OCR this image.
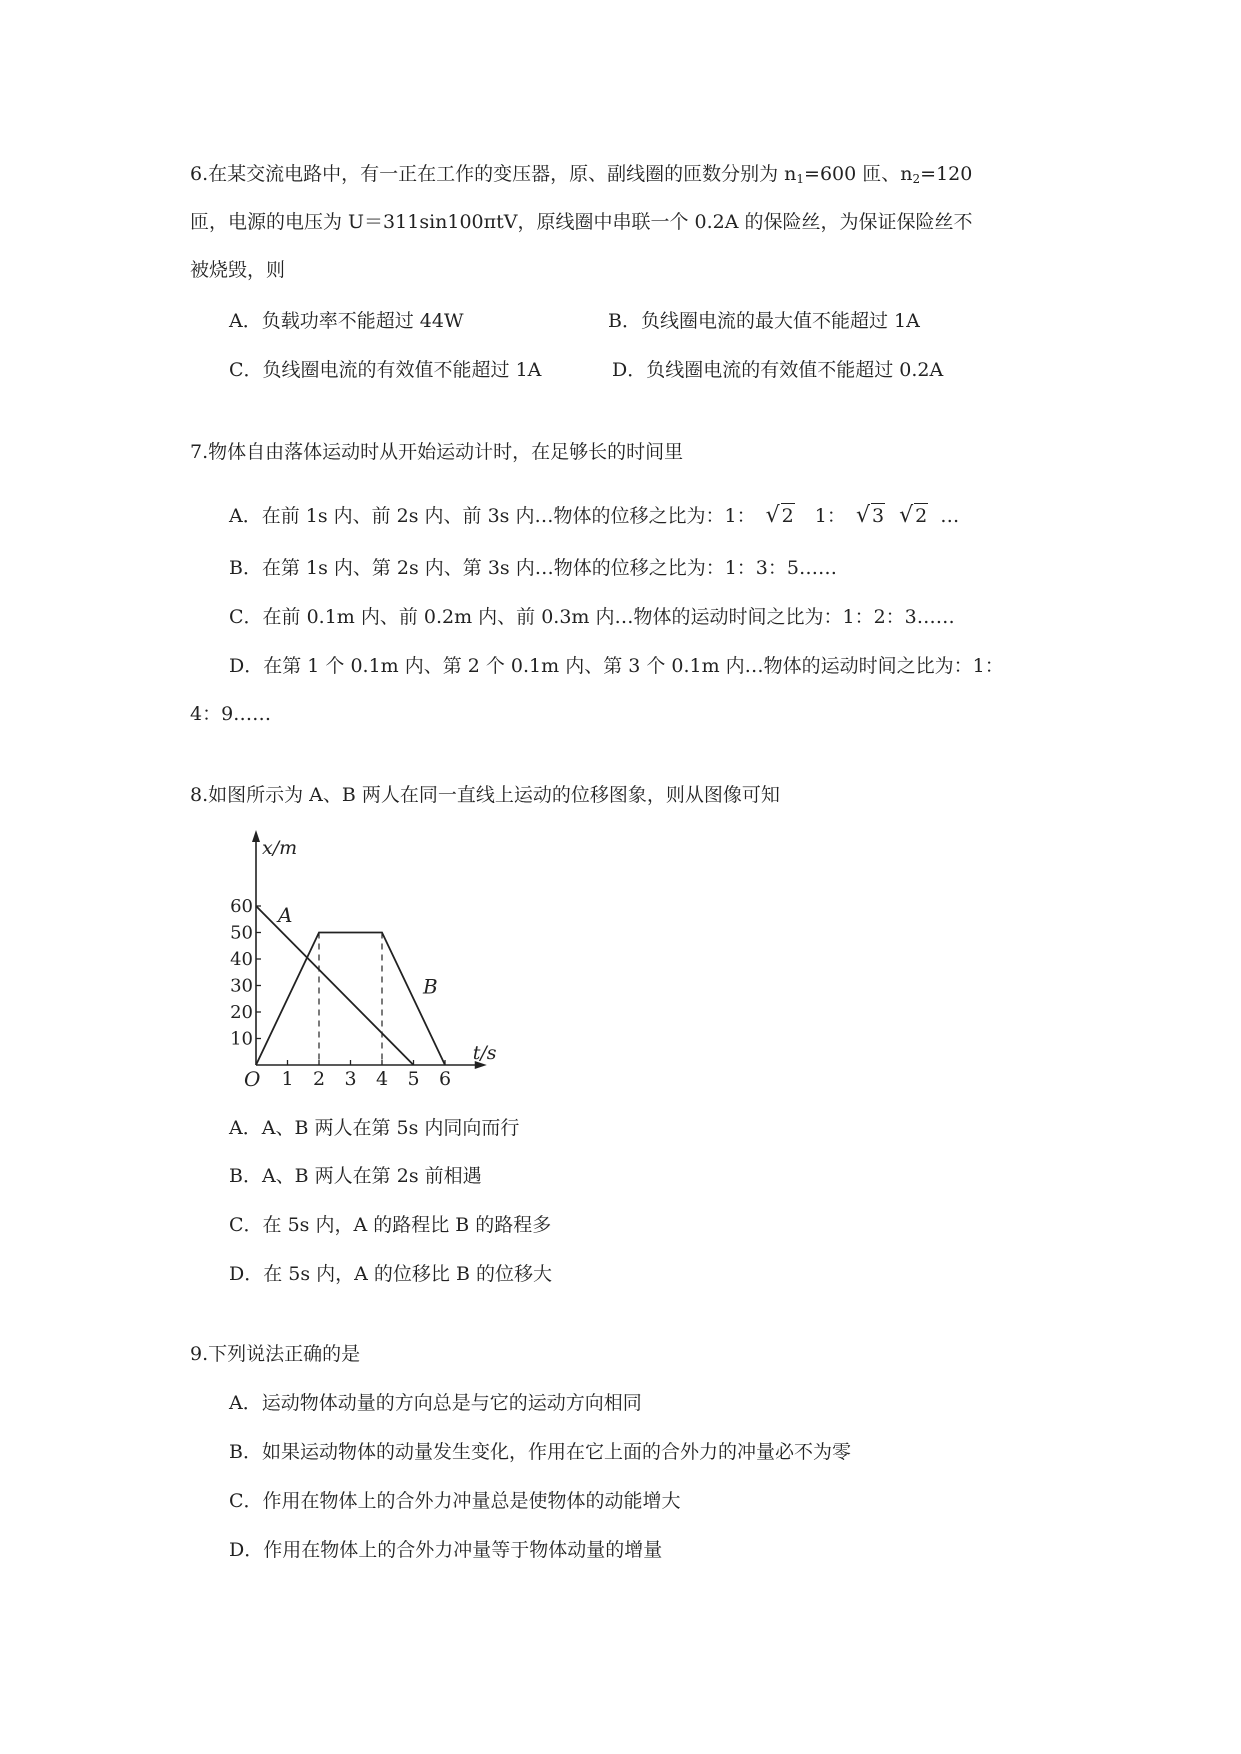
6.在某交流电路中，有一正在工作的变压器，原、副线圈的匝数分别为 $n_1=600$ 匝、$n_2=120$
匝，电源的电压为 U＝311sin100πtV，原线圈中串联一个 0.2A 的保险丝，为保证保险丝不
被烧毁，则
A．负载功率不能超过 44W	B．负线圈电流的最大值不能超过 1A
C．负线圈电流的有效值不能超过 1A	D．负线圈电流的有效值不能超过 0.2A
7.物体自由落体运动时从开始运动计时，在足够长的时间里
A．在前 1s 内、前 2s 内、前 3s 内…物体的位移之比为：1： √ 2 1： √ 3 √ 2 …
B．在第 1s 内、第 2s 内、第 3s 内…物体的位移之比为：1：3：5……
C．在前 0.1m 内、前 0.2m 内、前 0.3m 内…物体的运动时间之比为：1：2：3……
D．在第 1 个 0.1m 内、第 2 个 0.1m 内、第 3 个 0.1m 内…物体的运动时间之比为：1：
4：9……
8.如图所示为 A、B 两人在同一直线上运动的位移图象，则从图像可知
1 2 3 4 5 6
10
20
30
40
50
60
O
x/m
t/s
A
B
A．A、B 两人在第 5s 内同向而行
B．A、B 两人在第 2s 前相遇
C．在 5s 内，A 的路程比 B 的路程多
D．在 5s 内，A 的位移比 B 的位移大
9.下列说法正确的是
A．运动物体动量的方向总是与它的运动方向相同
B．如果运动物体的动量发生变化，作用在它上面的合外力的冲量必不为零
C．作用在物体上的合外力冲量总是使物体的动能增大
D．作用在物体上的合外力冲量等于物体动量的增量
